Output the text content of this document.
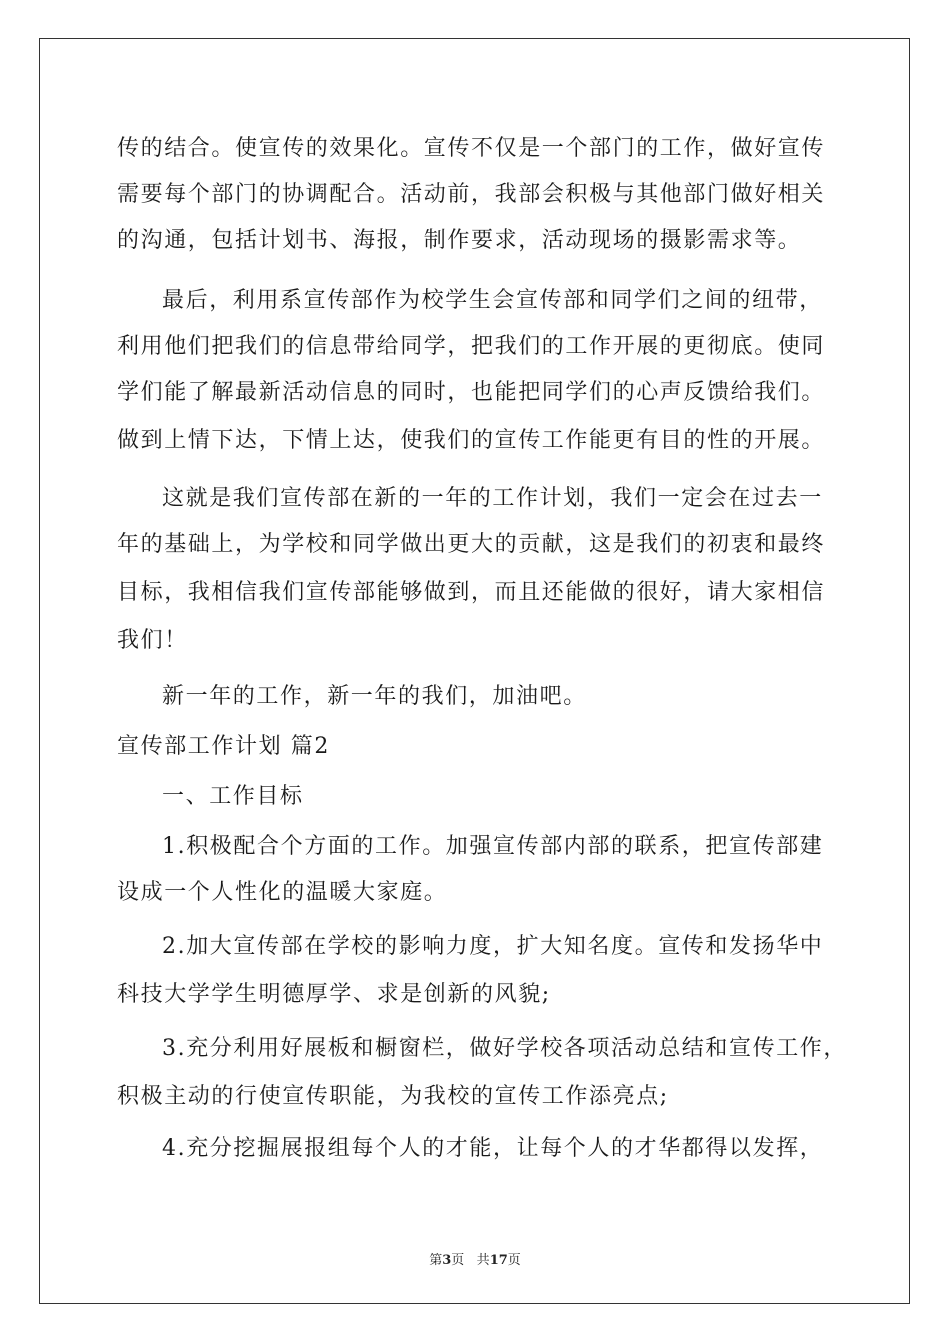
传的结合。使宣传的效果化。宣传不仅是一个部门的工作，做好宣传
需要每个部门的协调配合。活动前，我部会积极与其他部门做好相关
的沟通，包括计划书、海报，制作要求，活动现场的摄影需求等。
最后，利用系宣传部作为校学生会宣传部和同学们之间的纽带，
利用他们把我们的信息带给同学，把我们的工作开展的更彻底。使同
学们能了解最新活动信息的同时，也能把同学们的心声反馈给我们。
做到上情下达，下情上达，使我们的宣传工作能更有目的性的开展。
这就是我们宣传部在新的一年的工作计划，我们一定会在过去一
年的基础上，为学校和同学做出更大的贡献，这是我们的初衷和最终
目标，我相信我们宣传部能够做到，而且还能做的很好，请大家相信
我们！
新一年的工作，新一年的我们，加油吧。
宣传部工作计划 篇2
一、工作目标
1.积极配合个方面的工作。加强宣传部内部的联系，把宣传部建
设成一个人性化的温暖大家庭。
2.加大宣传部在学校的影响力度，扩大知名度。宣传和发扬华中
科技大学学生明德厚学、求是创新的风貌;
3.充分利用好展板和橱窗栏，做好学校各项活动总结和宣传工作，
积极主动的行使宣传职能，为我校的宣传工作添亮点;
4.充分挖掘展报组每个人的才能，让每个人的才华都得以发挥，
第3页 共17页
